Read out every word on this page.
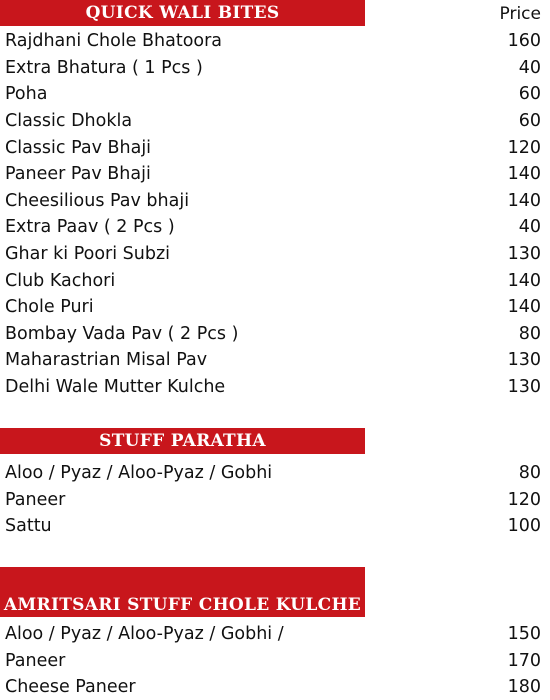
QUICK WALI BITES	Price
Rajdhani Chole Bhatoora	160
Extra Bhatura ( 1 Pcs )	40
Poha	60
Classic Dhokla	60
Classic Pav Bhaji	120
Paneer Pav Bhaji	140
Cheesilious Pav bhaji	140
Extra Paav ( 2 Pcs )	40
Ghar ki Poori Subzi	130
Club Kachori	140
Chole Puri	140
Bombay Vada Pav ( 2 Pcs )	80
Maharastrian Misal Pav	130
Delhi Wale Mutter Kulche	130
STUFF PARATHA
Aloo / Pyaz / Aloo-Pyaz / Gobhi	80
Paneer	120
Sattu	100
AMRITSARI STUFF CHOLE KULCHE
Aloo / Pyaz / Aloo-Pyaz / Gobhi /	150
Paneer	170
Cheese Paneer	180
